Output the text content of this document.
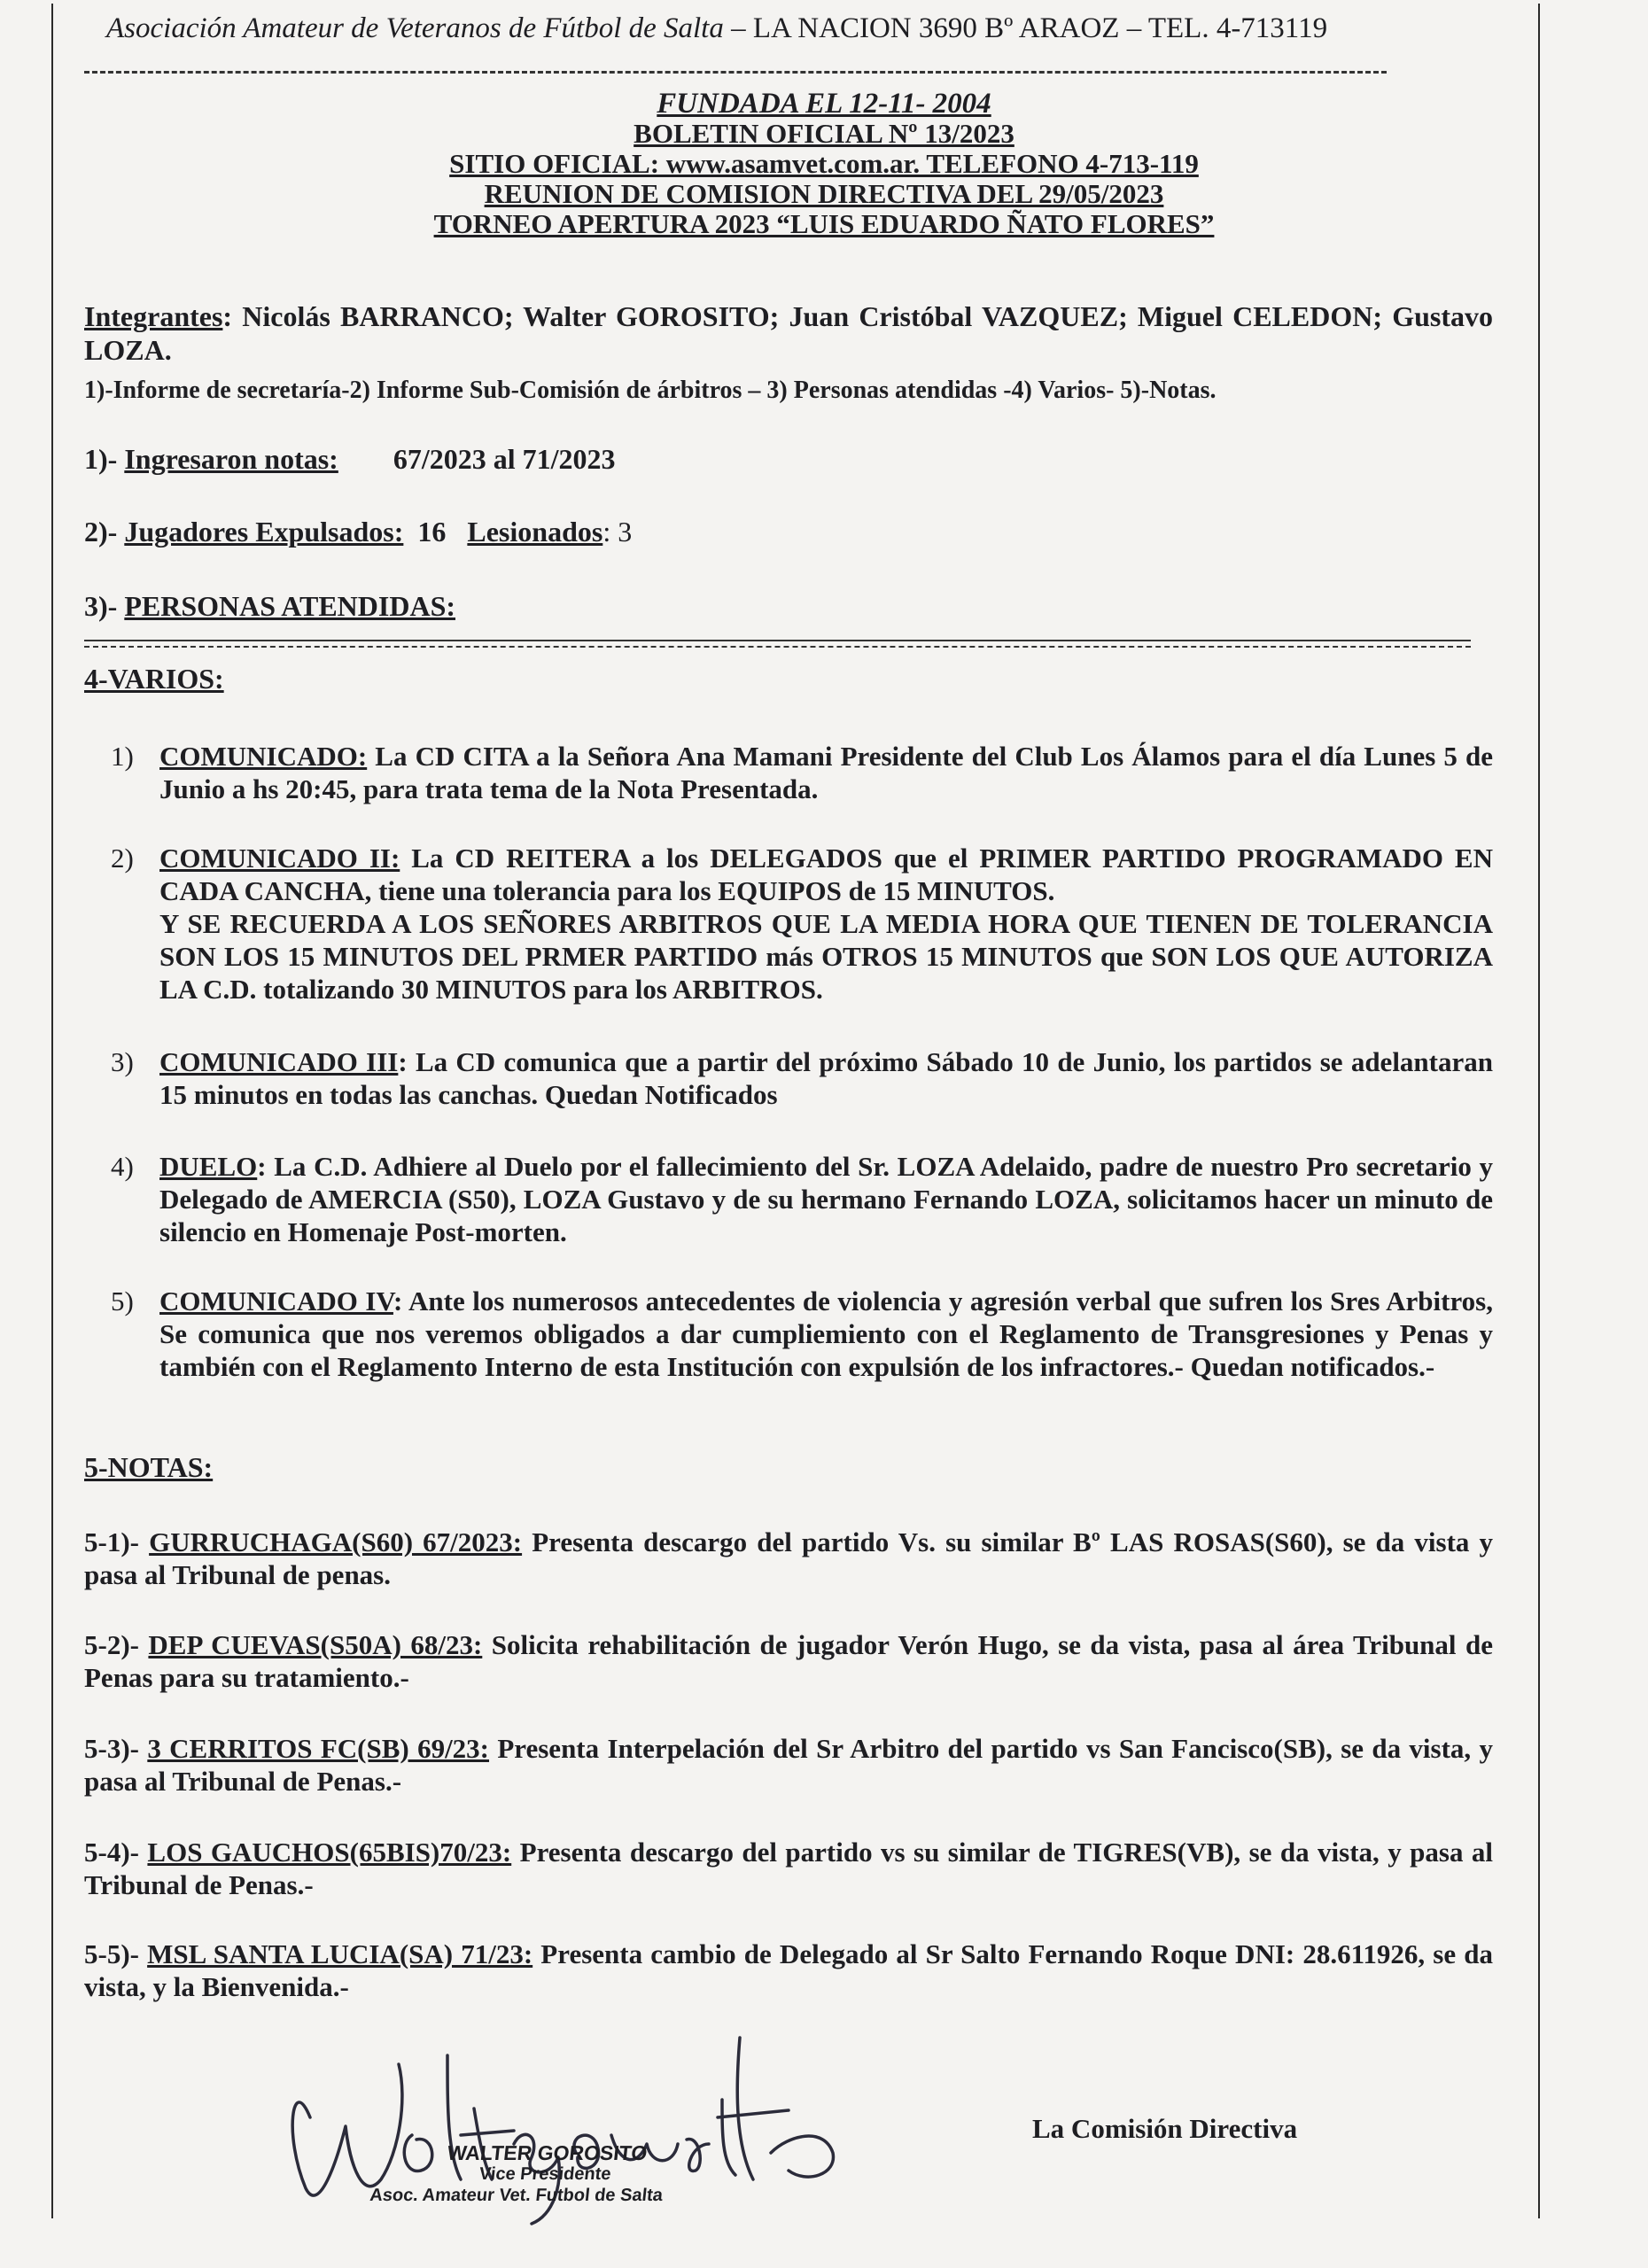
Asociación Amateur de Veteranos de Fútbol de Salta – LA NACION 3690 Bº ARAOZ – TEL. 4-713119
FUNDADA EL 12-11- 2004
BOLETIN OFICIAL Nº 13/2023
SITIO OFICIAL: www.asamvet.com.ar. TELEFONO 4-713-119
REUNION DE COMISION DIRECTIVA DEL 29/05/2023
TORNEO APERTURA 2023 “LUIS EDUARDO ÑATO FLORES”
Integrantes: Nicolás BARRANCO; Walter GOROSITO; Juan Cristóbal VAZQUEZ; Miguel CELEDON; Gustavo LOZA.
1)-Informe de secretaría-2) Informe Sub-Comisión de árbitros – 3) Personas atendidas -4) Varios- 5)-Notas.
1)- Ingresaron notas: 67/2023 al 71/2023
2)- Jugadores Expulsados: 16 Lesionados: 3
3)- PERSONAS ATENDIDAS:
4-VARIOS:
1) COMUNICADO: La CD CITA a la Señora Ana Mamani Presidente del Club Los Álamos para el día Lunes 5 de Junio a hs 20:45, para trata tema de la Nota Presentada.
2) COMUNICADO II: La CD REITERA a los DELEGADOS que el PRIMER PARTIDO PROGRAMADO EN CADA CANCHA, tiene una tolerancia para los EQUIPOS de 15 MINUTOS.

Y SE RECUERDA A LOS SEÑORES ARBITROS QUE LA MEDIA HORA QUE TIENEN DE TOLERANCIA SON LOS 15 MINUTOS DEL PRMER PARTIDO más OTROS 15 MINUTOS que SON LOS QUE AUTORIZA LA C.D. totalizando 30 MINUTOS para los ARBITROS.

3) COMUNICADO III: La CD comunica que a partir del próximo Sábado 10 de Junio, los partidos se adelantaran 15 minutos en todas las canchas. Quedan Notificados
4) DUELO: La C.D. Adhiere al Duelo por el fallecimiento del Sr. LOZA Adelaido, padre de nuestro Pro secretario y Delegado de AMERCIA (S50), LOZA Gustavo y de su hermano Fernando LOZA, solicitamos hacer un minuto de silencio en Homenaje Post-morten.
5) COMUNICADO IV: Ante los numerosos antecedentes de violencia y agresión verbal que sufren los Sres Arbitros, Se comunica que nos veremos obligados a dar cumpliemiento con el Reglamento de Transgresiones y Penas y también con el Reglamento Interno de esta Institución con expulsión de los infractores.- Quedan notificados.-
5-NOTAS:
5-1)- GURRUCHAGA(S60) 67/2023: Presenta descargo del partido Vs. su similar Bº LAS ROSAS(S60), se da vista y pasa al Tribunal de penas.
5-2)- DEP CUEVAS(S50A) 68/23: Solicita rehabilitación de jugador Verón Hugo, se da vista, pasa al área Tribunal de Penas para su tratamiento.-
5-3)- 3 CERRITOS FC(SB) 69/23: Presenta Interpelación del Sr Arbitro del partido vs San Fancisco(SB), se da vista, y pasa al Tribunal de Penas.-
5-4)- LOS GAUCHOS(65BIS)70/23: Presenta descargo del partido vs su similar de TIGRES(VB), se da vista, y pasa al Tribunal de Penas.-
5-5)- MSL SANTA LUCIA(SA) 71/23: Presenta cambio de Delegado al Sr Salto Fernando Roque DNI: 28.611926, se da vista, y la Bienvenida.-
WALTER GOROSITO
Vice Presidente
Asoc. Amateur Vet. Futbol de Salta
La Comisión Directiva
